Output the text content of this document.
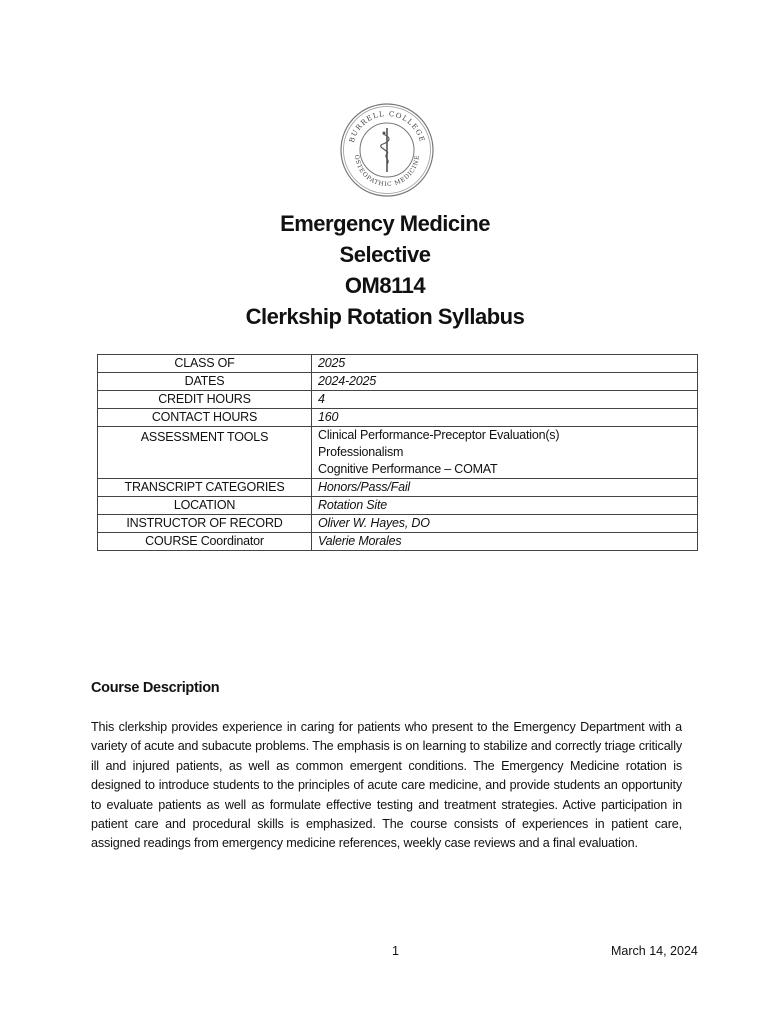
BURRELL COLLEGE
OSTEOPATHIC MEDICINE
Emergency Medicine
Selective
OM8114
Clerkship Rotation Syllabus
CLASS OF	2025
DATES	2024-2025
CREDIT HOURS	4
CONTACT HOURS	160
ASSESSMENT TOOLS	Clinical Performance-Preceptor Evaluation(s)
Professionalism
Cognitive Performance – COMAT

TRANSCRIPT CATEGORIES	Honors/Pass/Fail
LOCATION	Rotation Site
INSTRUCTOR OF RECORD	Oliver W. Hayes, DO
COURSE Coordinator	Valerie Morales
Course Description
This clerkship provides experience in caring for patients who present to the Emergency Department with a variety of acute and subacute problems. The emphasis is on learning to stabilize and correctly triage critically ill and injured patients, as well as common emergent conditions. The Emergency Medicine rotation is designed to introduce students to the principles of acute care medicine, and provide students an opportunity to evaluate patients as well as formulate effective testing and treatment strategies. Active participation in patient care and procedural skills is emphasized. The course consists of experiences in patient care, assigned readings from emergency medicine references, weekly case reviews and a final evaluation.
1	March 14, 2024
